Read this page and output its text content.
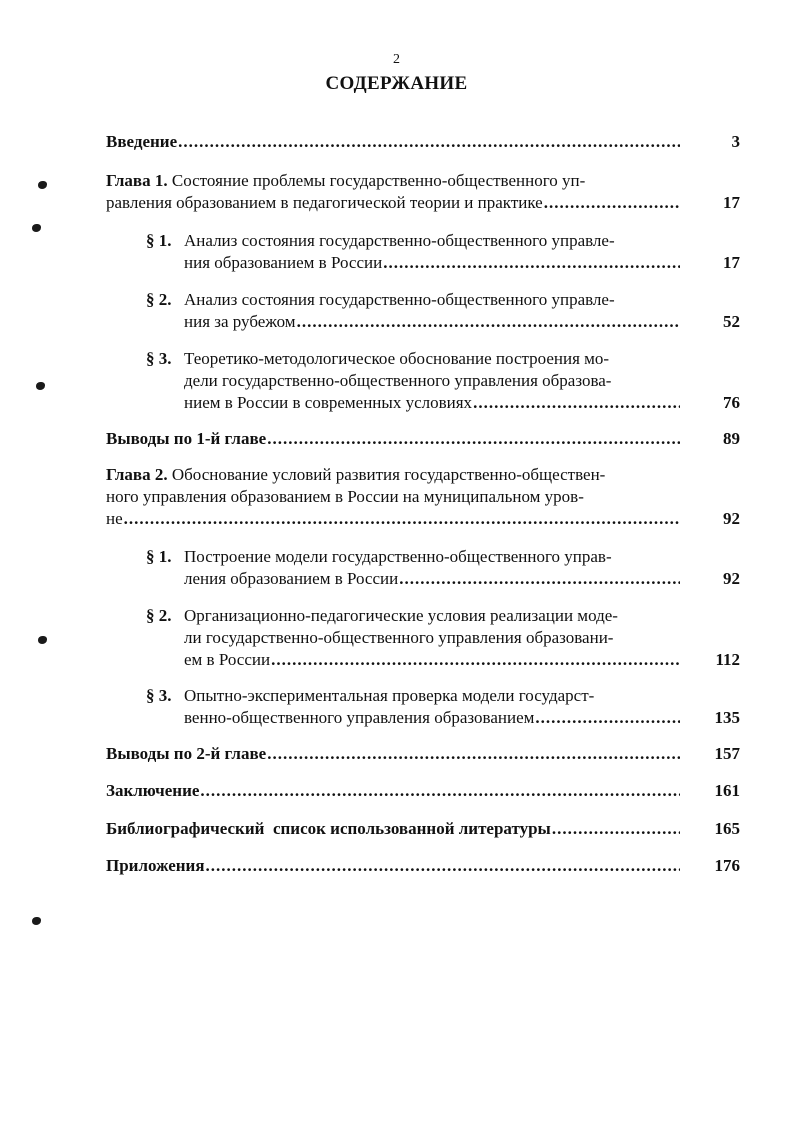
2
СОДЕРЖАНИЕ
Введение .....	3
Глава 1. Состояние проблемы государственно-общественного уп-
равления образованием в педагогической теории и практике .....	17
§ 1. Анализ состояния государственно-общественного управле-
ния образованием в России .....	17
§ 2. Анализ состояния государственно-общественного управле-
ния за рубежом .....	52
§ 3. Теоретико-методологическое обоснование построения мо-
дели государственно-общественного управления образова-
нием в России в современных условиях .....	76
Выводы по 1-й главе .....	89
Глава 2. Обоснование условий развития государственно-обществен-
ного управления образованием в России на муниципальном уров-
не .....	92
§ 1. Построение модели государственно-общественного управ-
ления образованием в России .....	92
§ 2. Организационно-педагогические условия реализации моде-
ли государственно-общественного управления образовани-
ем в России .....	112
§ 3. Опытно-экспериментальная проверка модели государст-
венно-общественного управления образованием .....	135
Выводы по 2-й главе .....	157
Заключение .....	161
Библиографический  список использованной литературы .....	165
Приложения .....	176
